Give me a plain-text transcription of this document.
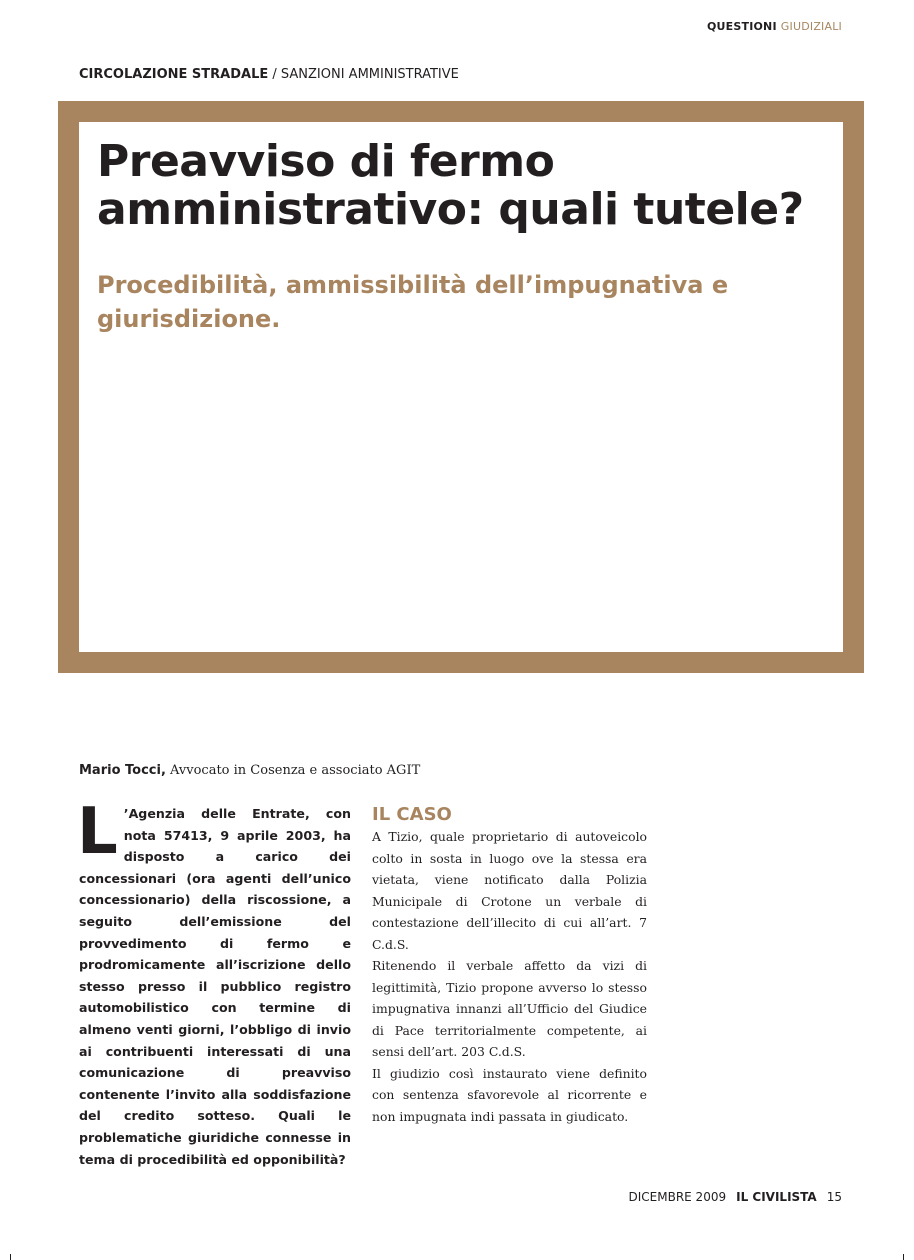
QUESTIONI GIUDIZIALI
CIRCOLAZIONE STRADALE / SANZIONI AMMINISTRATIVE
Preavviso di fermo amministrativo: quali tutele?
Procedibilità, ammissibilità dell’impugnativa e giurisdizione.
Mario Tocci, Avvocato in Cosenza e associato AGIT

L ’Agenzia delle Entrate, con nota 57413, 9 aprile 2003, ha disposto a carico dei concessionari (ora agenti dell’unico concessionario) della riscossione, a seguito dell’emissione del provvedimento di fermo e prodromicamente all’iscrizione dello stesso presso il pubblico registro automobilistico con termine di almeno venti giorni, l’obbligo di invio ai contribuenti interessati di una comunicazione di preavviso contenente l’invito alla soddisfazione del credito sotteso. Quali le problematiche giuridiche connesse in tema di procedibilità ed opponibilità?

IL CASO

A Tizio, quale proprietario di autoveicolo colto in sosta in luogo ove la stessa era vietata, viene notificato dalla Polizia Municipale di Crotone un verbale di contestazione dell’illecito di cui all’art. 7 C.d.S.

Ritenendo il verbale affetto da vizi di legittimità, Tizio propone avverso lo stesso impugnativa innanzi all’Ufficio del Giudice di Pace territorialmente competente, ai sensi dell’art. 203 C.d.S.

Il giudizio così instaurato viene definito con sentenza sfavorevole al ricorrente e non impugnata indi passata in giudicato.

DICEMBRE 2009 IL CIVILISTA 15
